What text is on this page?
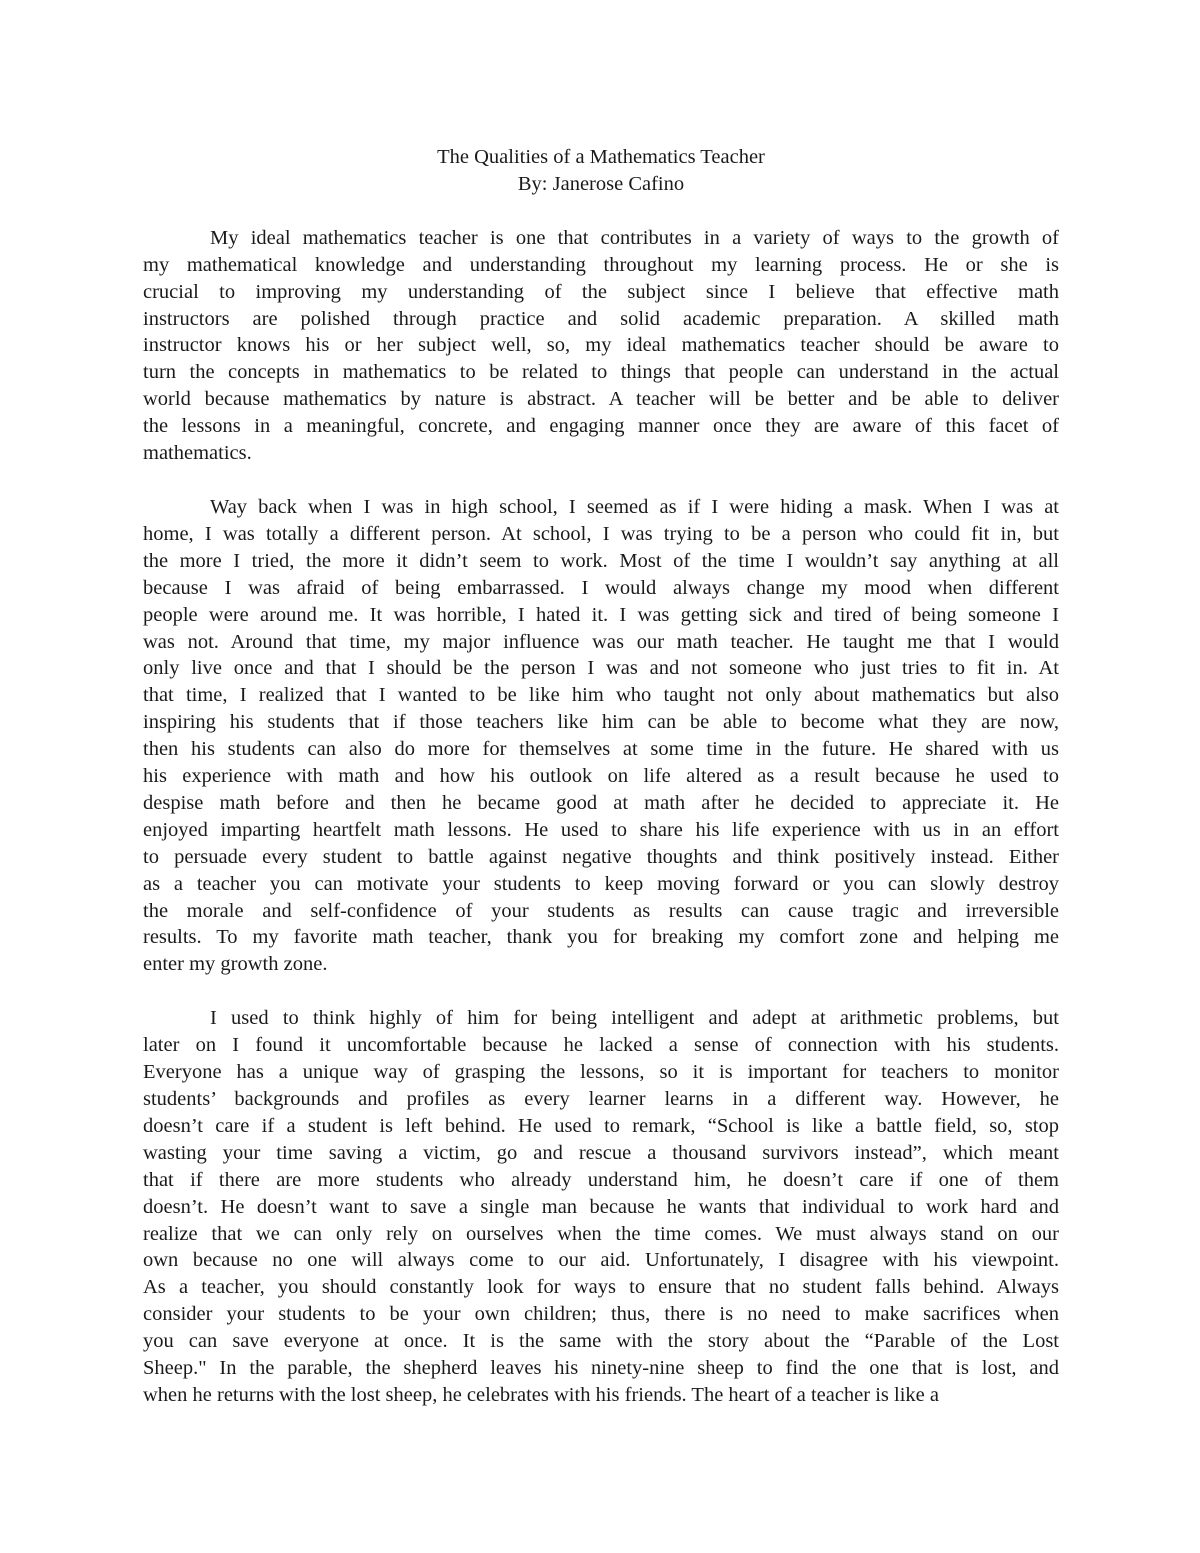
The Qualities of a Mathematics Teacher
By: Janerose Cafino
My ideal mathematics teacher is one that contributes in a variety of ways to the growth of
my mathematical knowledge and understanding throughout my learning process. He or she is
crucial to improving my understanding of the subject since I believe that effective math
instructors are polished through practice and solid academic preparation. A skilled math
instructor knows his or her subject well, so, my ideal mathematics teacher should be aware to
turn the concepts in mathematics to be related to things that people can understand in the actual
world because mathematics by nature is abstract. A teacher will be better and be able to deliver
the lessons in a meaningful, concrete, and engaging manner once they are aware of this facet of
mathematics.
Way back when I was in high school, I seemed as if I were hiding a mask. When I was at
home, I was totally a different person. At school, I was trying to be a person who could fit in, but
the more I tried, the more it didn’t seem to work. Most of the time I wouldn’t say anything at all
because I was afraid of being embarrassed. I would always change my mood when different
people were around me. It was horrible, I hated it. I was getting sick and tired of being someone I
was not. Around that time, my major influence was our math teacher. He taught me that I would
only live once and that I should be the person I was and not someone who just tries to fit in. At
that time, I realized that I wanted to be like him who taught not only about mathematics but also
inspiring his students that if those teachers like him can be able to become what they are now,
then his students can also do more for themselves at some time in the future. He shared with us
his experience with math and how his outlook on life altered as a result because he used to
despise math before and then he became good at math after he decided to appreciate it. He
enjoyed imparting heartfelt math lessons. He used to share his life experience with us in an effort
to persuade every student to battle against negative thoughts and think positively instead. Either
as a teacher you can motivate your students to keep moving forward or you can slowly destroy
the morale and self-confidence of your students as results can cause tragic and irreversible
results. To my favorite math teacher, thank you for breaking my comfort zone and helping me
enter my growth zone.
I used to think highly of him for being intelligent and adept at arithmetic problems, but
later on I found it uncomfortable because he lacked a sense of connection with his students.
Everyone has a unique way of grasping the lessons, so it is important for teachers to monitor
students’ backgrounds and profiles as every learner learns in a different way. However, he
doesn’t care if a student is left behind. He used to remark, “School is like a battle field, so, stop
wasting your time saving a victim, go and rescue a thousand survivors instead”, which meant
that if there are more students who already understand him, he doesn’t care if one of them
doesn’t. He doesn’t want to save a single man because he wants that individual to work hard and
realize that we can only rely on ourselves when the time comes. We must always stand on our
own because no one will always come to our aid. Unfortunately, I disagree with his viewpoint.
As a teacher, you should constantly look for ways to ensure that no student falls behind. Always
consider your students to be your own children; thus, there is no need to make sacrifices when
you can save everyone at once. It is the same with the story about the “Parable of the Lost
Sheep." In the parable, the shepherd leaves his ninety-nine sheep to find the one that is lost, and
when he returns with the lost sheep, he celebrates with his friends. The heart of a teacher is like a
